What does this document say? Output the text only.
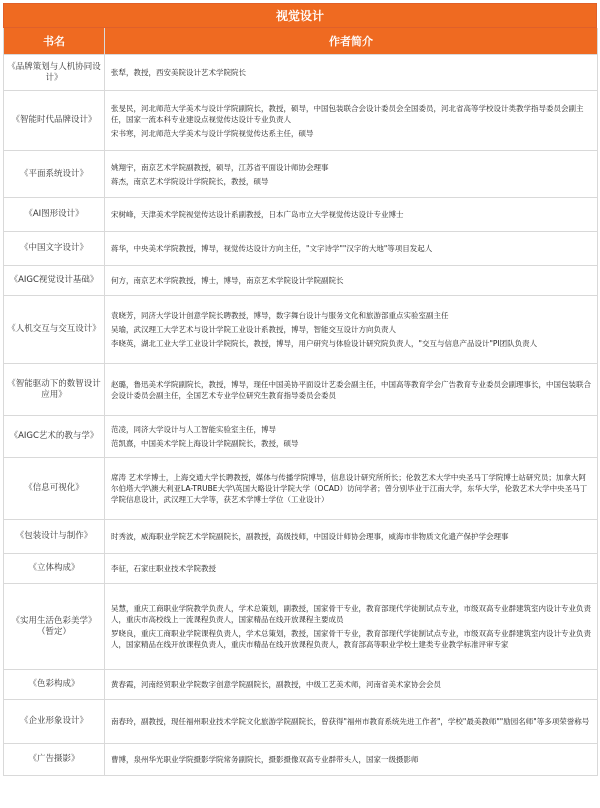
视觉设计
书名	作者简介
《品牌策划与人机协同设计》	张犁，教授，西安美院设计艺术学院院长

《智能时代品牌设计》	张旻民，河北师范大学美术与设计学院副院长，教授，硕导，中国包装联合会设计委员会全国委员，河北省高等学校设计类教学指导委员会副主任，国家一流本科专业建设点视觉传达设计专业负责人

宋书寒，河北师范大学美术与设计学院视觉传达系主任，硕导

《平面系统设计》	姚翔宇，南京艺术学院副教授，硕导，江苏省平面设计师协会理事

蒋杰，南京艺术学院设计学院院长，教授，硕导

《AI图形设计》	宋树峰，天津美术学院视觉传达设计系副教授，日本广岛市立大学视觉传达设计专业博士

《中国文字设计》	蒋华，中央美术学院教授，博导，视觉传达设计方向主任，"文字诗学""汉字的大地"等项目发起人

《AIGC视觉设计基础》	何方，南京艺术学院教授，博士，博导，南京艺术学院设计学院副院长

《人机交互与交互设计》	袁晓芳，同济大学设计创意学院长聘教授，博导，数字舞台设计与服务文化和旅游部重点实验室副主任

吴瑜，武汉理工大学艺术与设计学院工业设计系教授，博导，智能交互设计方向负责人

李晓英，湖北工业大学工业设计学院院长，教授，博导，用户研究与体验设计研究院负责人，"交互与信息产品设计"PI团队负责人

《智能驱动下的数智设计应用》	赵璐，鲁迅美术学院副院长，教授，博导，现任中国美协平面设计艺委会副主任，中国高等教育学会广告教育专业委员会副理事长，中国包装联合会设计委员会副主任，全国艺术专业学位研究生教育指导委员会委员

《AIGC艺术的教与学》	范凌，同济大学设计与人工智能实验室主任，博导

范凯熹，中国美术学院上海设计学院副院长，教授，硕导

《信息可视化》	席涛 艺术学博士，上海交通大学长聘教授，媒体与传播学院博导，信息设计研究所所长；伦敦艺术大学中央圣马丁学院博士站研究员；加拿大阿尔伯塔大学\澳大利亚LA-TRUBE大学\英国大略设计学院大学（OCAD）访问学者；曾分别毕业于江南大学，东华大学，伦敦艺术大学中央圣马丁学院信息设计，武汉理工大学等，获艺术学博士学位（工业设计）

《包装设计与制作》	时秀波，威海职业学院艺术学院副院长，副教授，高级技师，中国设计师协会理事，威海市非物质文化遗产保护学会理事

《立体构成》	李征，石家庄职业技术学院教授

《实用生活色彩美学》（暂定）	吴慧，重庆工商职业学院教学负责人，学术总策划，副教授，国家骨干专业，教育部现代学徒制试点专业，市级双高专业群建筑室内设计专业负责人，重庆市高校线上一流课程负责人，国家精品在线开放课程主要成员

罗晓良，重庆工商职业学院课程负责人，学术总策划，教授，国家骨干专业，教育部现代学徒制试点专业，市级双高专业群建筑室内设计专业负责人，国家精品在线开放课程负责人，重庆市精品在线开放课程负责人，教育部高等职业学校土建类专业教学标准评审专家

《色彩构成》	黄春霞，河南经贸职业学院数字创意学院副院长，副教授，中级工艺美术师，河南省美术家协会会员

《企业形象设计》	南春玲，副教授，现任福州职业技术学院文化旅游学院副院长，曾获得"福州市教育系统先进工作者"，学校"最美教师""励园名师"等多项荣誉称号

《广告摄影》	曹博，泉州华光职业学院摄影学院常务副院长，摄影摄像双高专业群带头人，国家一级摄影师
